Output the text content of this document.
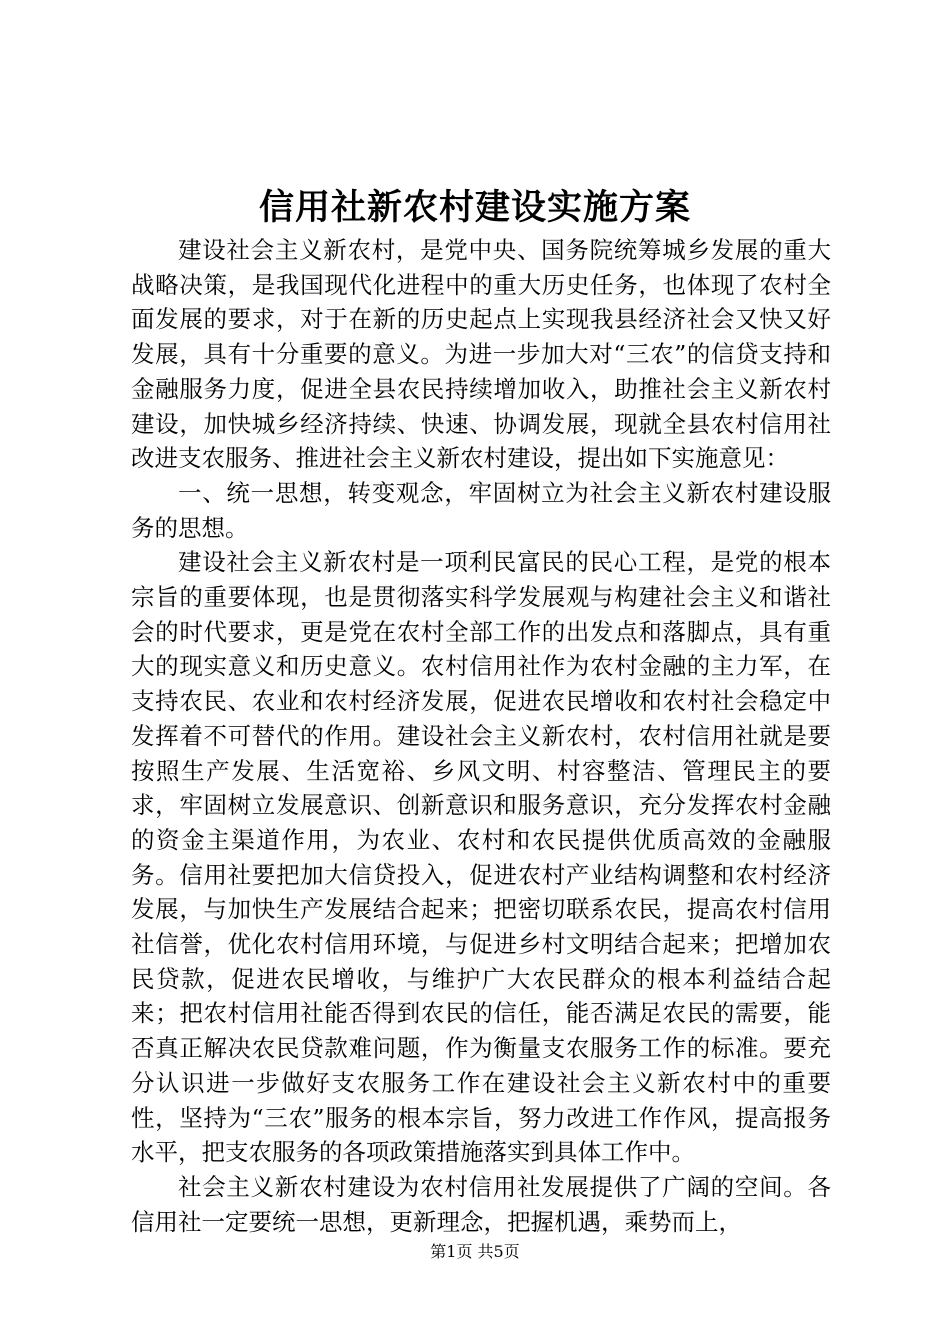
信用社新农村建设实施方案

建设社会主义新农村，是党中央、国务院统筹城乡发展的重大战略决策，是我国现代化进程中的重大历史任务，也体现了农村全面发展的要求，对于在新的历史起点上实现我县经济社会又快又好发展，具有十分重要的意义。为进一步加大对“三农”的信贷支持和金融服务力度，促进全县农民持续增加收入，助推社会主义新农村建设，加快城乡经济持续、快速、协调发展，现就全县农村信用社改进支农服务、推进社会主义新农村建设，提出如下实施意见：

一、统一思想，转变观念，牢固树立为社会主义新农村建设服务的思想。

建设社会主义新农村是一项利民富民的民心工程，是党的根本宗旨的重要体现，也是贯彻落实科学发展观与构建社会主义和谐社会的时代要求，更是党在农村全部工作的出发点和落脚点，具有重大的现实意义和历史意义。农村信用社作为农村金融的主力军，在支持农民、农业和农村经济发展，促进农民增收和农村社会稳定中发挥着不可替代的作用。建设社会主义新农村，农村信用社就是要按照生产发展、生活宽裕、乡风文明、村容整洁、管理民主的要求，牢固树立发展意识、创新意识和服务意识，充分发挥农村金融的资金主渠道作用，为农业、农村和农民提供优质高效的金融服务。信用社要把加大信贷投入，促进农村产业结构调整和农村经济发展，与加快生产发展结合起来；把密切联系农民，提高农村信用社信誉，优化农村信用环境，与促进乡村文明结合起来；把增加农民贷款，促进农民增收，与维护广大农民群众的根本利益结合起来；把农村信用社能否得到农民的信任，能否满足农民的需要，能否真正解决农民贷款难问题，作为衡量支农服务工作的标准。要充分认识进一步做好支农服务工作在建设社会主义新农村中的重要性，坚持为“三农”服务的根本宗旨，努力改进工作作风，提高报务水平，把支农服务的各项政策措施落实到具体工作中。

社会主义新农村建设为农村信用社发展提供了广阔的空间。各信用社一定要统一思想，更新理念，把握机遇，乘势而上，

第1页 共5页
